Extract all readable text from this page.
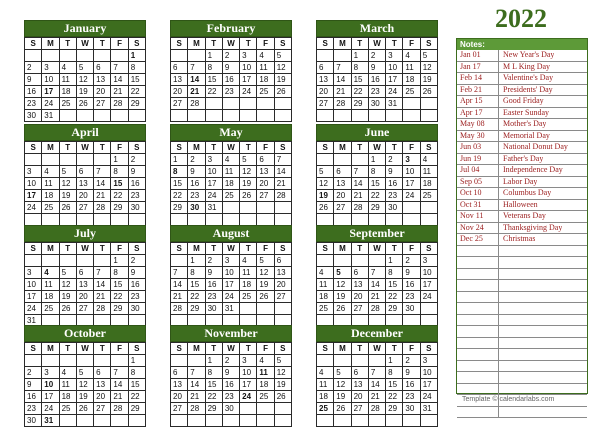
January
S	M	T	W	T	F	S
						1
2	3	4	5	6	7	8
9	10	11	12	13	14	15
16	17	18	19	20	21	22
23	24	25	26	27	28	29
30	31					
February
S	M	T	W	T	F	S
		1	2	3	4	5
6	7	8	9	10	11	12
13	14	15	16	17	18	19
20	21	22	23	24	25	26
27	28					

March
S	M	T	W	T	F	S
		1	2	3	4	5
6	7	8	9	10	11	12
13	14	15	16	17	18	19
20	21	22	23	24	25	26
27	28	29	30	31		

April
S	M	T	W	T	F	S
					1	2
3	4	5	6	7	8	9
10	11	12	13	14	15	16
17	18	19	20	21	22	23
24	25	26	27	28	29	30

May
S	M	T	W	T	F	S
1	2	3	4	5	6	7
8	9	10	11	12	13	14
15	16	17	18	19	20	21
22	23	24	25	26	27	28
29	30	31				

June
S	M	T	W	T	F	S
			1	2	3	4
5	6	7	8	9	10	11
12	13	14	15	16	17	18
19	20	21	22	23	24	25
26	27	28	29	30		

July
S	M	T	W	T	F	S
					1	2
3	4	5	6	7	8	9
10	11	12	13	14	15	16
17	18	19	20	21	22	23
24	25	26	27	28	29	30
31						
August
S	M	T	W	T	F	S
	1	2	3	4	5	6
7	8	9	10	11	12	13
14	15	16	17	18	19	20
21	22	23	24	25	26	27
28	29	30	31			

September
S	M	T	W	T	F	S
				1	2	3
4	5	6	7	8	9	10
11	12	13	14	15	16	17
18	19	20	21	22	23	24
25	26	27	28	29	30	

October
S	M	T	W	T	F	S
						1
2	3	4	5	6	7	8
9	10	11	12	13	14	15
16	17	18	19	20	21	22
23	24	25	26	27	28	29
30	31					
November
S	M	T	W	T	F	S
		1	2	3	4	5
6	7	8	9	10	11	12
13	14	15	16	17	18	19
20	21	22	23	24	25	26
27	28	29	30			

December
S	M	T	W	T	F	S
				1	2	3
4	5	6	7	8	9	10
11	12	13	14	15	16	17
18	19	20	21	22	23	24
25	26	27	28	29	30	31

2022
Notes:
Jan 01	New Year's Day
Jan 17	M L King Day
Feb 14	Valentine's Day
Feb 21	Presidents' Day
Apr 15	Good Friday
Apr 17	Easter Sunday
May 08	Mother's Day
May 30	Memorial Day
Jun 03	National Donut Day
Jun 19	Father's Day
Jul 04	Independence Day
Sep 05	Labor Day
Oct 10	Columbus Day
Oct 31	Halloween
Nov 11	Veterans Day
Nov 24	Thanksgiving Day
Dec 25	Christmas
Template © calendarlabs.com
